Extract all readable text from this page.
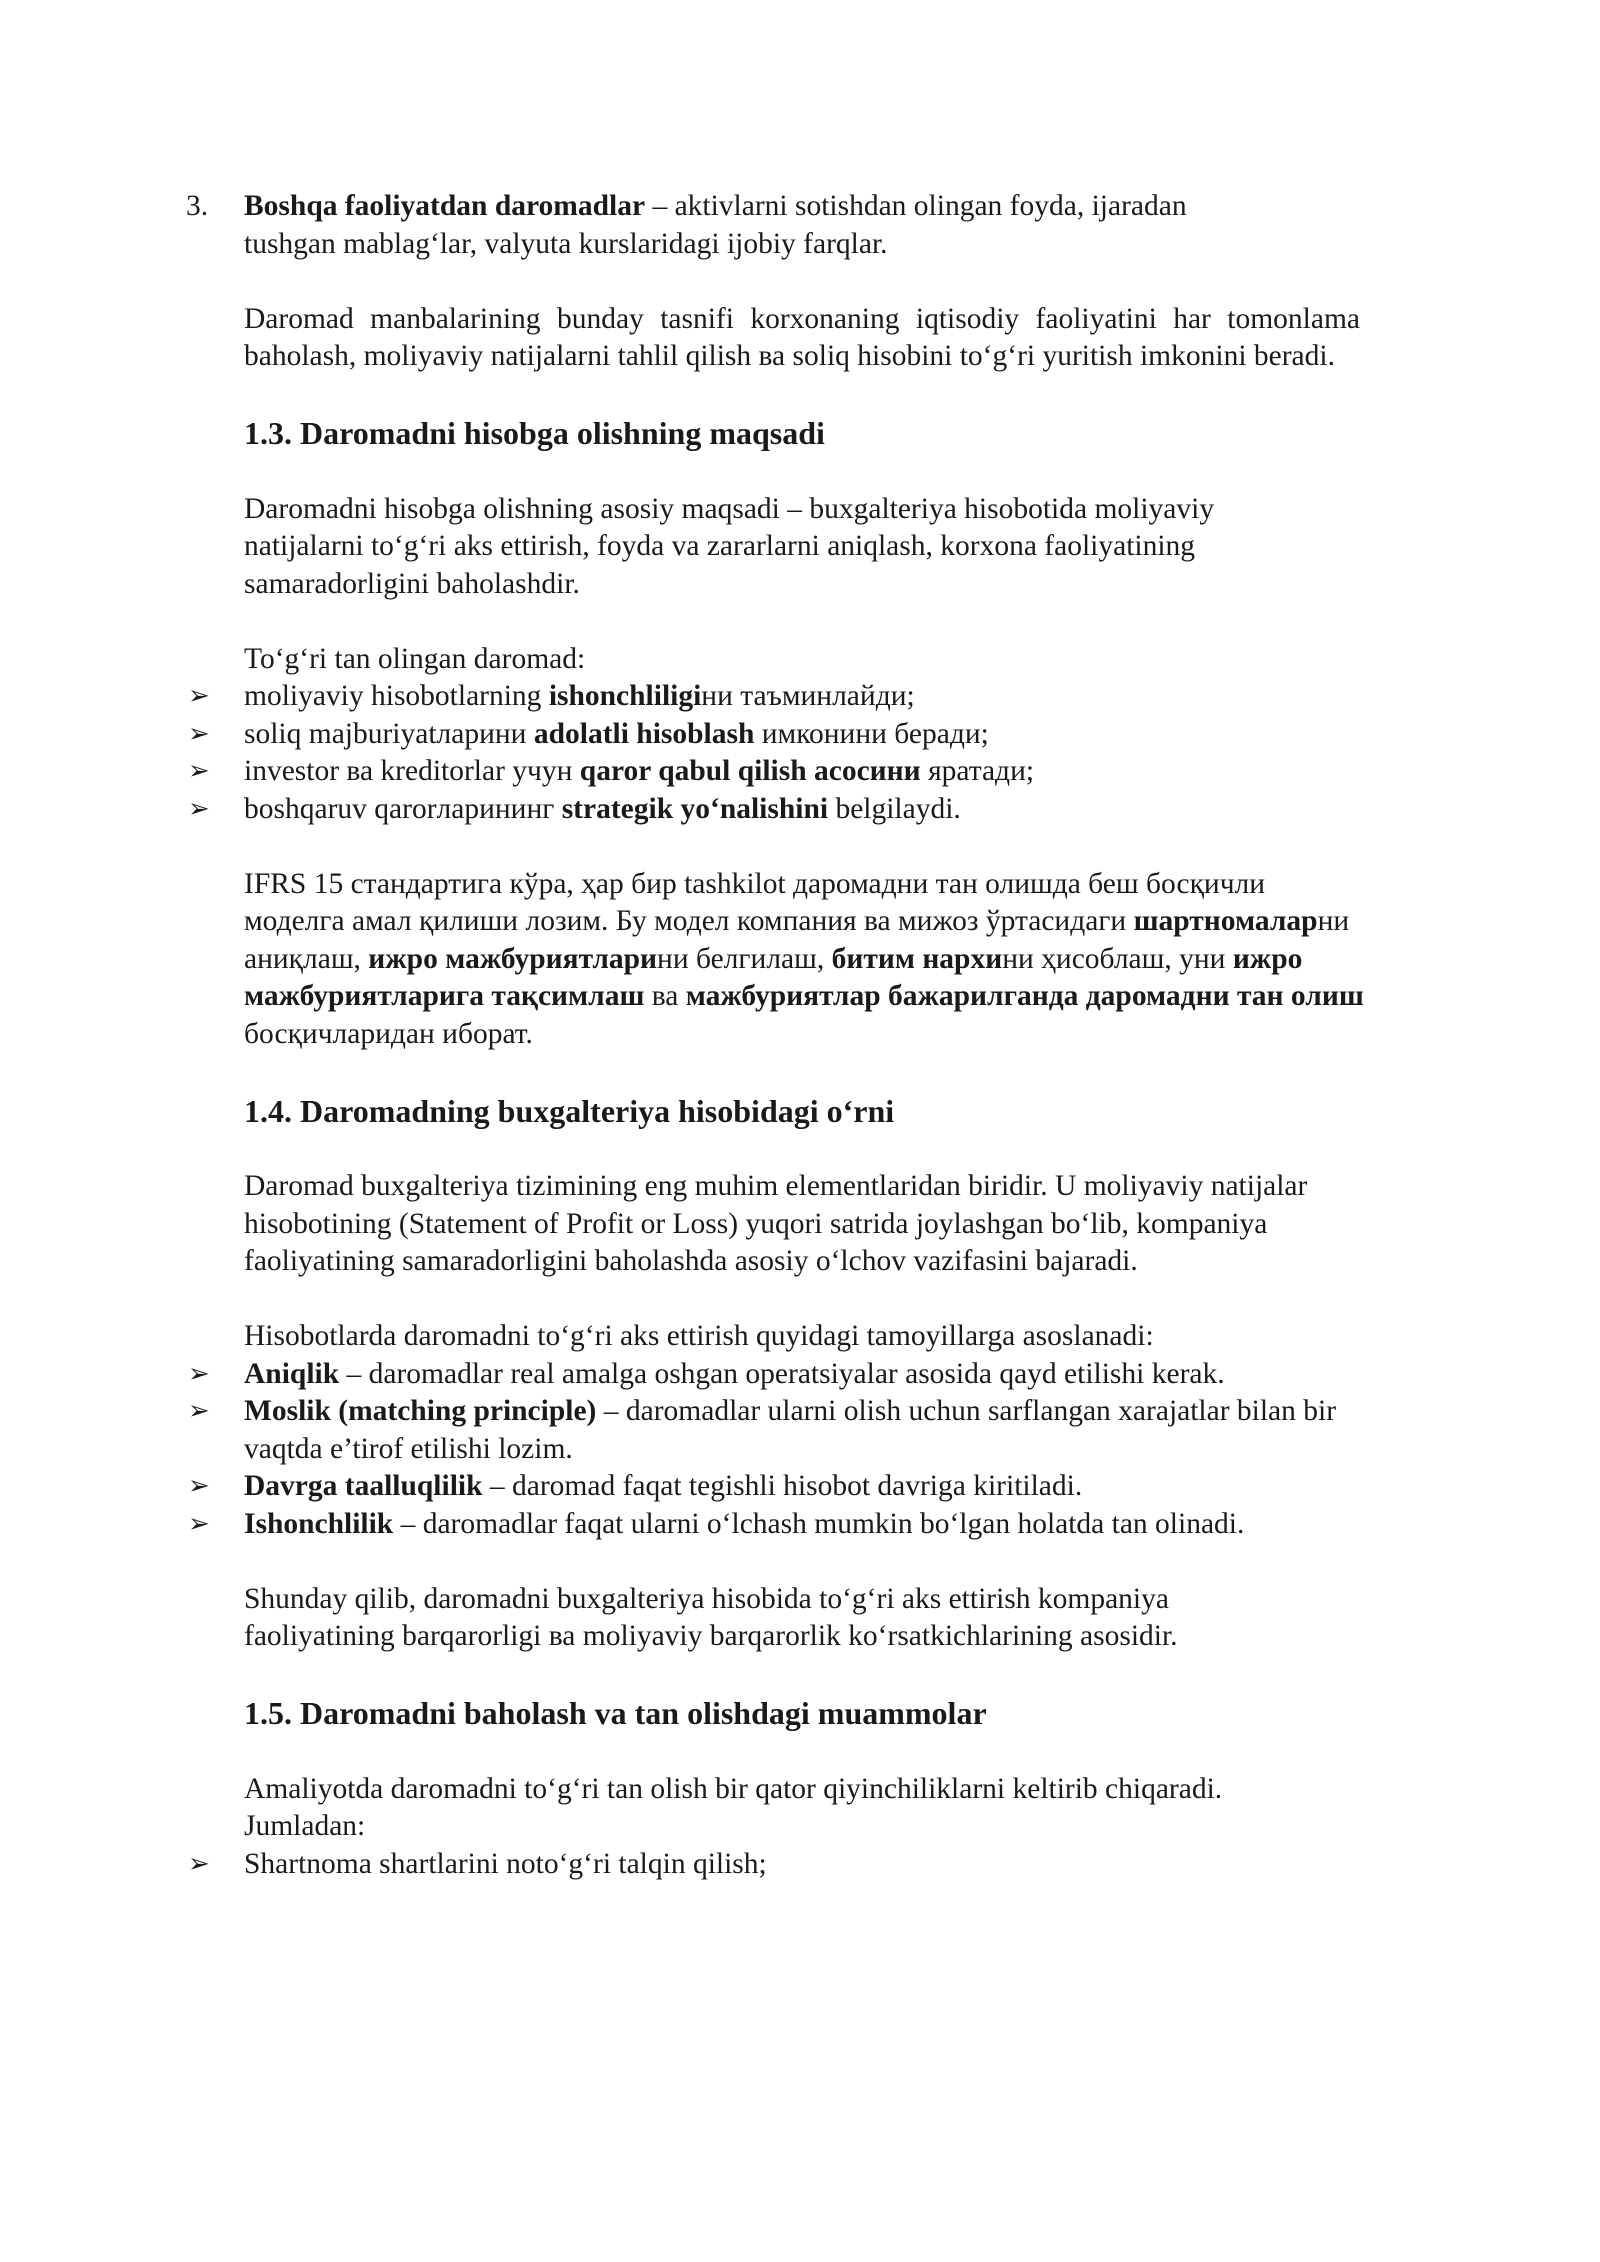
3. Boshqa faoliyatdan daromadlar – aktivlarni sotishdan olingan foyda, ijaradan tushgan mablag‘lar, valyuta kurslaridagi ijobiy farqlar.

Daromad manbalarining bunday tasnifi korxonaning iqtisodiy faoliyatini har tomonlama baholash, moliyaviy natijalarni tahlil qilish ва soliq hisobini to‘g‘ri yuritish imkonini beradi.

1.3. Daromadni hisobga olishning maqsadi

Daromadni hisobga olishning asosiy maqsadi – buxgalteriya hisobotida moliyaviy natijalarni to‘g‘ri aks ettirish, foyda va zararlarni aniqlash, korxona faoliyatining samaradorligini baholashdir.

To‘g‘ri tan olingan daromad:

➢ moliyaviy hisobotlarning ishonchliligiни таъминлайди;
➢ soliq majburiyatларини adolatli hisoblash имконини беради;
➢ investor ва kreditorlar учун qaror qabul qilish асосини яратади;
➢ boshqaruv qarorларининг strategik yo‘nalishini belgilaydi.

IFRS 15 стандартига кўра, ҳар бир tashkilot даромадни тан олишда беш босқичли моделга амал қилиши лозим. Бу модел компания ва мижоз ўртасидаги шартномаларни аниқлаш, ижро мажбуриятларини белгилаш, битим нархини ҳисоблаш, уни ижро мажбуриятларига тақсимлаш ва мажбуриятлар бажарилганда даромадни тан олиш босқичларидан иборат.

1.4. Daromadning buxgalteriya hisobidagi o‘rni

Daromad buxgalteriya tizimining eng muhim elementlaridan biridir. U moliyaviy natijalar hisobotining (Statement of Profit or Loss) yuqori satrida joylashgan bo‘lib, kompaniya faoliyatining samaradorligini baholashda asosiy o‘lchov vazifasini bajaradi.

Hisobotlarda daromadni to‘g‘ri aks ettirish quyidagi tamoyillarga asoslanadi:

➢ Aniqlik – daromadlar real amalga oshgan operatsiyalar asosida qayd etilishi kerak.
➢ Moslik (matching principle) – daromadlar ularni olish uchun sarflangan xarajatlar bilan bir vaqtda e’tirof etilishi lozim.
➢ Davrga taalluqlilik – daromad faqat tegishli hisobot davriga kiritiladi.
➢ Ishonchlilik – daromadlar faqat ularni o‘lchash mumkin bo‘lgan holatda tan olinadi.

Shunday qilib, daromadni buxgalteriya hisobida to‘g‘ri aks ettirish kompaniya faoliyatining barqarorligi ва moliyaviy barqarorlik ko‘rsatkichlarining asosidir.

1.5. Daromadni baholash va tan olishdagi muammolar

Amaliyotda daromadni to‘g‘ri tan olish bir qator qiyinchiliklarni keltirib chiqaradi. Jumladan:

➢ Shartnoma shartlarini noto‘g‘ri talqin qilish;
